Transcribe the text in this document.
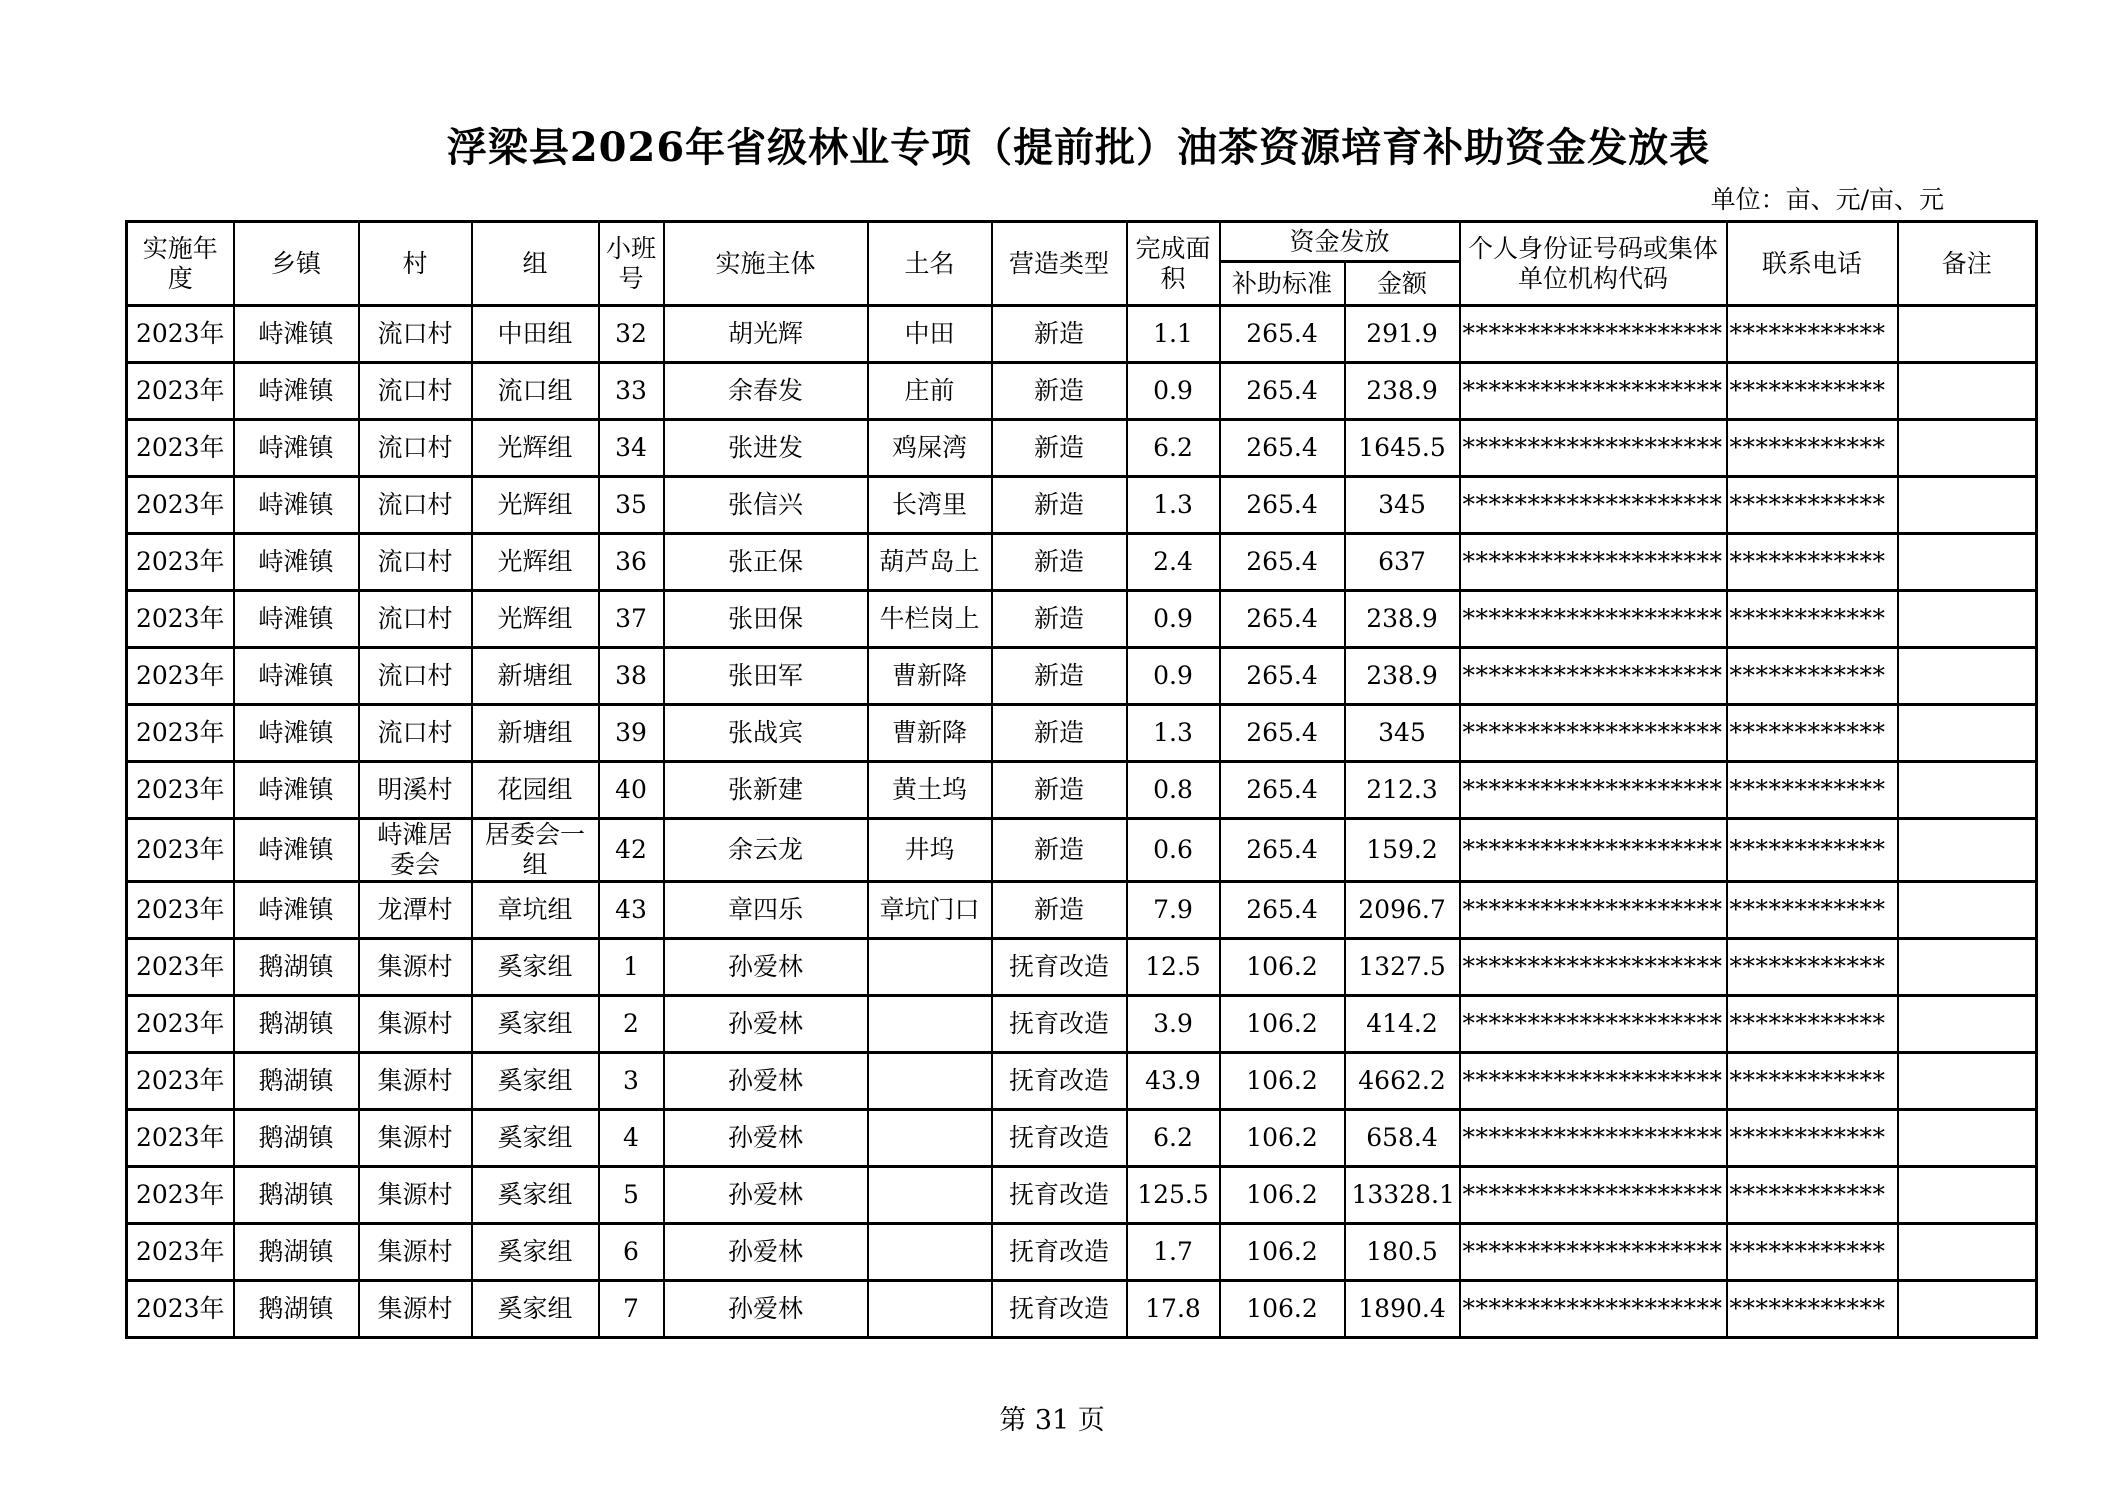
浮梁县2026年省级林业专项（提前批）油茶资源培育补助资金发放表
单位：亩、元/亩、元
实施年度	乡镇	村	组	小班号	实施主体	土名	营造类型	完成面积	资金发放		个人身份证号码或集体单位机构代码	联系电话	备注
									补助标准	金额			
2023年	峙滩镇	流口村	中田组	32	胡光辉	中田	新造	1.1	265.4	291.9	********************	************	
2023年	峙滩镇	流口村	流口组	33	余春发	庄前	新造	0.9	265.4	238.9	********************	************	
2023年	峙滩镇	流口村	光辉组	34	张进发	鸡屎湾	新造	6.2	265.4	1645.5	********************	************	
2023年	峙滩镇	流口村	光辉组	35	张信兴	长湾里	新造	1.3	265.4	345	********************	************	
2023年	峙滩镇	流口村	光辉组	36	张正保	葫芦岛上	新造	2.4	265.4	637	********************	************	
2023年	峙滩镇	流口村	光辉组	37	张田保	牛栏岗上	新造	0.9	265.4	238.9	********************	************	
2023年	峙滩镇	流口村	新塘组	38	张田军	曹新降	新造	0.9	265.4	238.9	********************	************	
2023年	峙滩镇	流口村	新塘组	39	张战宾	曹新降	新造	1.3	265.4	345	********************	************	
2023年	峙滩镇	明溪村	花园组	40	张新建	黄土坞	新造	0.8	265.4	212.3	********************	************	
2023年	峙滩镇	峙滩居委会	居委会一组	42	余云龙	井坞	新造	0.6	265.4	159.2	********************	************	
2023年	峙滩镇	龙潭村	章坑组	43	章四乐	章坑门口	新造	7.9	265.4	2096.7	********************	************	
2023年	鹅湖镇	集源村	奚家组	1	孙爱林		抚育改造	12.5	106.2	1327.5	********************	************	
2023年	鹅湖镇	集源村	奚家组	2	孙爱林		抚育改造	3.9	106.2	414.2	********************	************	
2023年	鹅湖镇	集源村	奚家组	3	孙爱林		抚育改造	43.9	106.2	4662.2	********************	************	
2023年	鹅湖镇	集源村	奚家组	4	孙爱林		抚育改造	6.2	106.2	658.4	********************	************	
2023年	鹅湖镇	集源村	奚家组	5	孙爱林		抚育改造	125.5	106.2	13328.1	********************	************	
2023年	鹅湖镇	集源村	奚家组	6	孙爱林		抚育改造	1.7	106.2	180.5	********************	************	
2023年	鹅湖镇	集源村	奚家组	7	孙爱林		抚育改造	17.8	106.2	1890.4	********************	************	
第 31 页
